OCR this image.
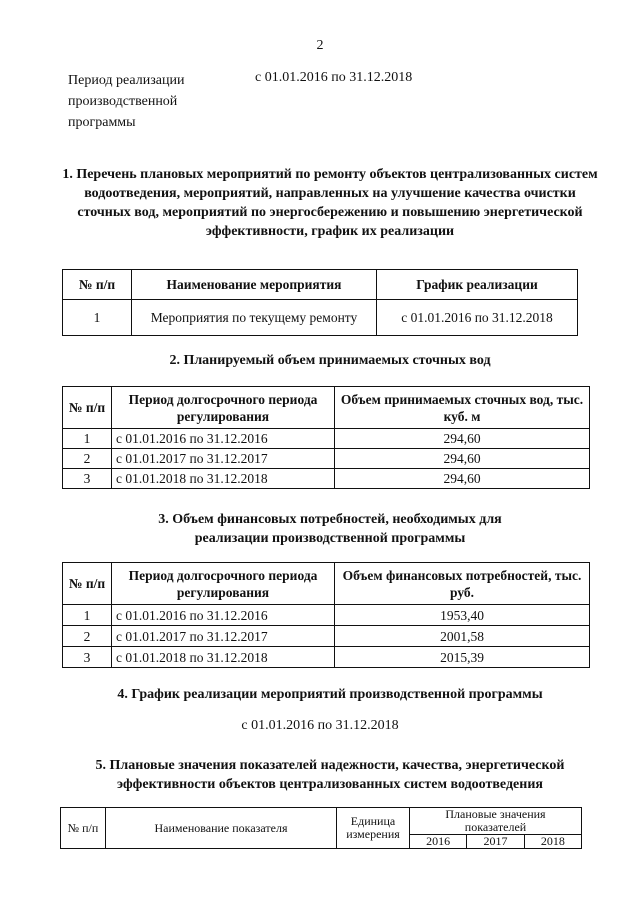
2
Период реализации производственной программы
с 01.01.2016 по 31.12.2018
1. Перечень плановых мероприятий по ремонту объектов централизованных систем водоотведения, мероприятий, направленных на улучшение качества очистки сточных вод, мероприятий по энергосбережению и повышению энергетической эффективности, график их реализации
№ п/п	Наименование мероприятия	График реализации
1	Мероприятия по текущему ремонту	с 01.01.2016 по 31.12.2018
2. Планируемый объем принимаемых сточных вод
№ п/п	Период долгосрочного периода регулирования	Объем принимаемых сточных вод, тыс. куб. м
1	с 01.01.2016 по 31.12.2016	294,60
2	с 01.01.2017 по 31.12.2017	294,60
3	с 01.01.2018 по 31.12.2018	294,60
3. Объем финансовых потребностей, необходимых для реализации производственной программы
№ п/п	Период долгосрочного периода регулирования	Объем финансовых потребностей, тыс. руб.
1	с 01.01.2016 по 31.12.2016	1953,40
2	с 01.01.2017 по 31.12.2017	2001,58
3	с 01.01.2018 по 31.12.2018	2015,39
4. График реализации мероприятий производственной программы
с 01.01.2016 по 31.12.2018
5. Плановые значения показателей надежности, качества, энергетической эффективности объектов централизованных систем водоотведения
№ п/п	Наименование показателя	Единица измерения	Плановые значения показателей		
			2016	2017	2018
